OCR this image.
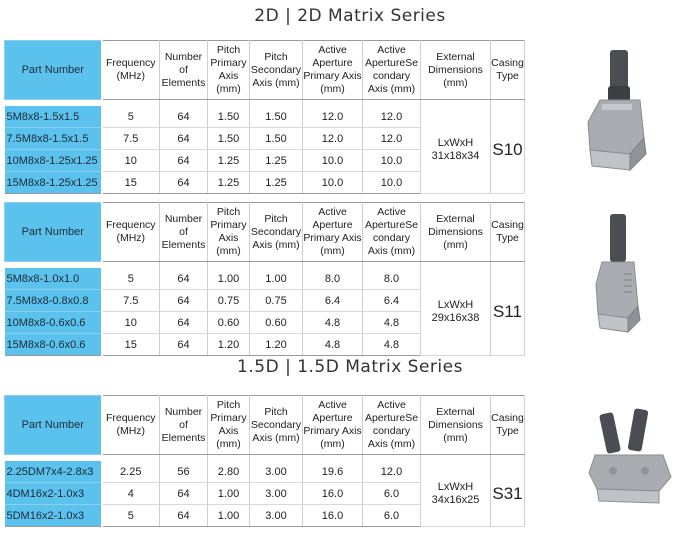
2D | 2D Matrix Series
1.5D | 1.5D Matrix Series
Part Number	Frequency (MHz)	Number of Elements	Pitch Primary Axis (mm)	Pitch Secondary Axis (mm)	Active Aperture Primary Axis (mm)	Active ApertureSe condary Axis (mm)	External Dimensions (mm)	Casing Type

5M8x8-1.5x1.5	5	64	1.50	1.50	12.0	12.0	LxWxH 31x18x34	S10
7.5M8x8-1.5x1.5	7.5	64	1.50	1.50	12.0	12.0		
10M8x8-1.25x1.25	10	64	1.25	1.25	10.0	10.0		
15M8x8-1.25x1.25	15	64	1.25	1.25	10.0	10.0		
Part Number	Frequency (MHz)	Number of Elements	Pitch Primary Axis (mm)	Pitch Secondary Axis (mm)	Active Aperture Primary Axis (mm)	Active ApertureSe condary Axis (mm)	External Dimensions (mm)	Casing Type

5M8x8-1.0x1.0	5	64	1.00	1.00	8.0	8.0	LxWxH 29x16x38	S11
7.5M8x8-0.8x0.8	7.5	64	0.75	0.75	6.4	6.4		
10M8x8-0.6x0.6	10	64	0.60	0.60	4.8	4.8		
15M8x8-0.6x0.6	15	64	1.20	1.20	4.8	4.8		
Part Number	Frequency (MHz)	Number of Elements	Pitch Primary Axis (mm)	Pitch Secondary Axis (mm)	Active Aperture Primary Axis (mm)	Active ApertureSe condary Axis (mm)	External Dimensions (mm)	Casing Type

2.25DM7x4-2.8x3	2.25	56	2.80	3.00	19.6	12.0	LxWxH 34x16x25	S31
4DM16x2-1.0x3	4	64	1.00	3.00	16.0	6.0		
5DM16x2-1.0x3	5	64	1.00	3.00	16.0	6.0		
